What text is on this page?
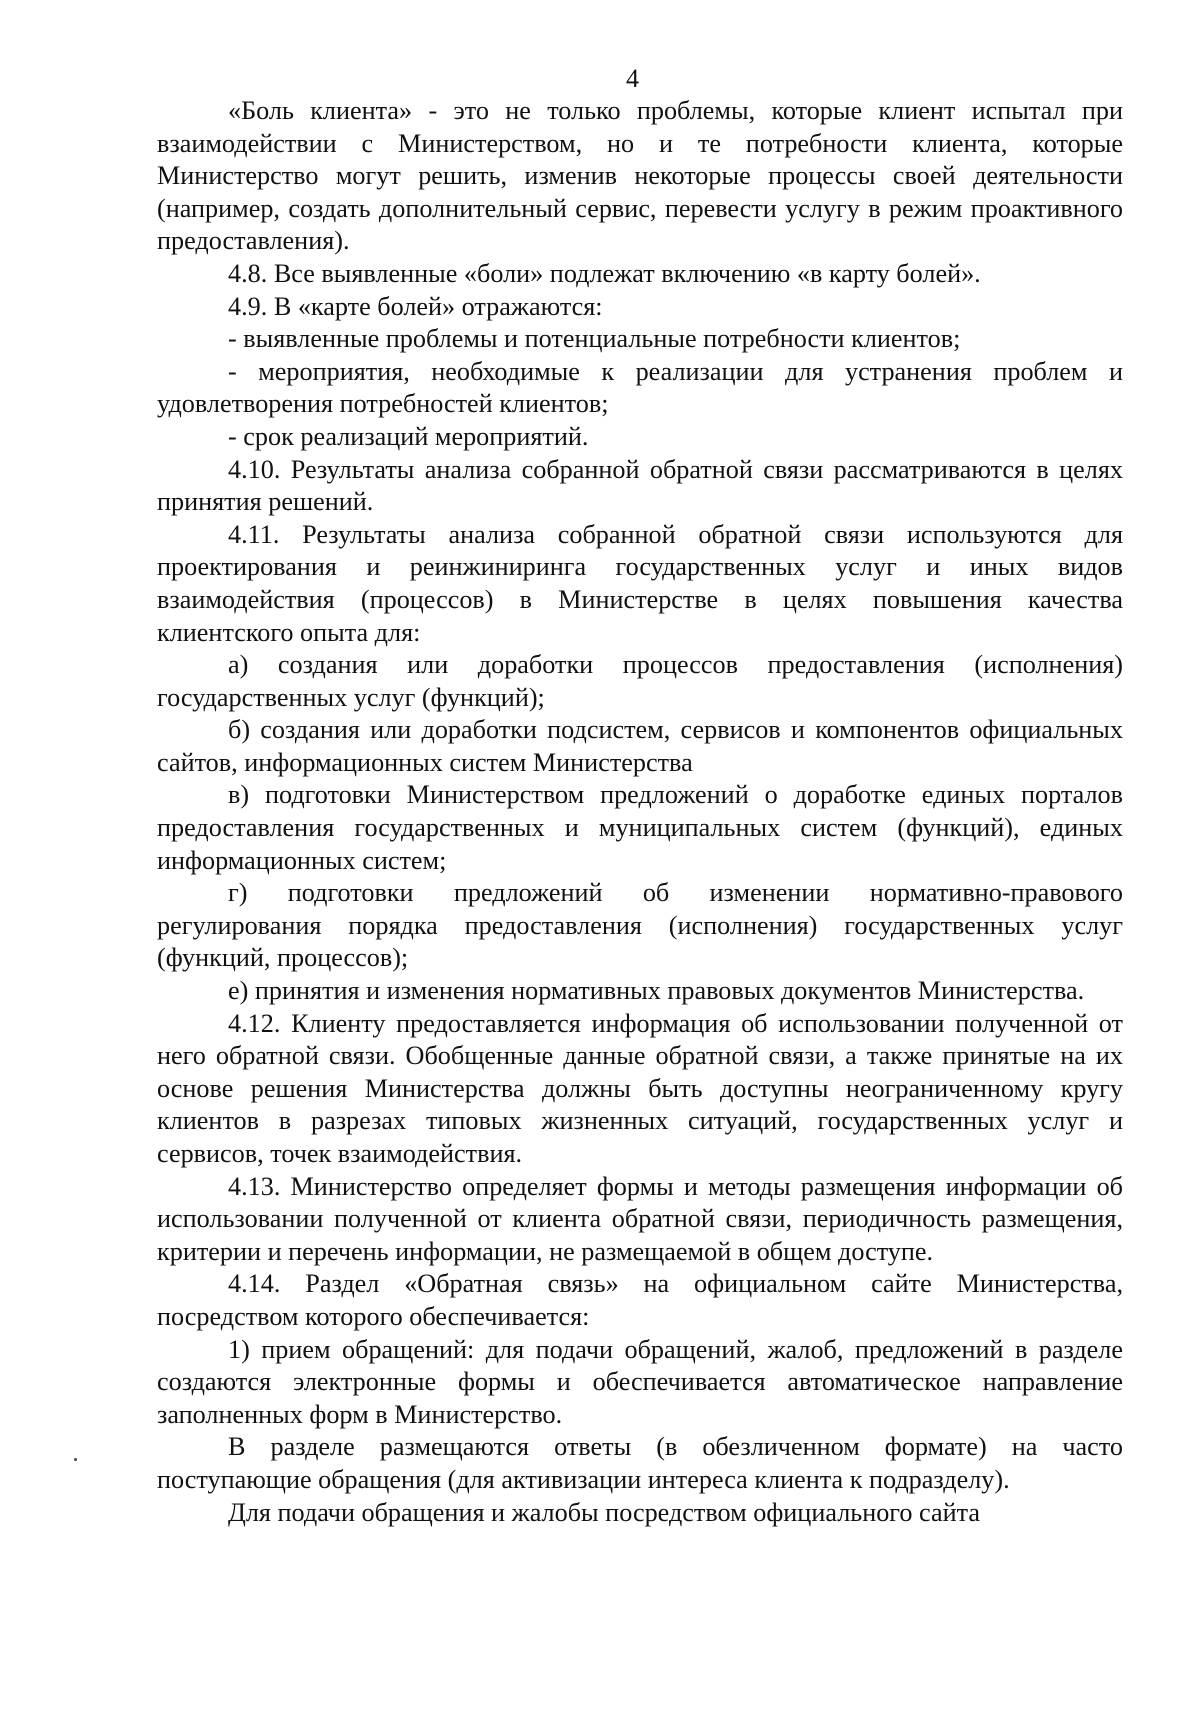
4

«Боль клиента» - это не только проблемы, которые клиент испытал при взаимодействии с Министерством, но и те потребности клиента, которые Министерство могут решить, изменив некоторые процессы своей деятельности (например, создать дополнительный сервис, перевести услугу в режим проактивного предоставления).

4.8. Все выявленные «боли» подлежат включению «в карту болей».

4.9. В «карте болей» отражаются:

- выявленные проблемы и потенциальные потребности клиентов;

- мероприятия, необходимые к реализации для устранения проблем и удовлетворения потребностей клиентов;

- срок реализаций мероприятий.

4.10. Результаты анализа собранной обратной связи рассматриваются в целях принятия решений.

4.11. Результаты анализа собранной обратной связи используются для проектирования и реинжиниринга государственных услуг и иных видов взаимодействия (процессов) в Министерстве в целях повышения качества клиентского опыта для:

а) создания или доработки процессов предоставления (исполнения) государственных услуг (функций);

б) создания или доработки подсистем, сервисов и компонентов официальных сайтов, информационных систем Министерства

в) подготовки Министерством предложений о доработке единых порталов предоставления государственных и муниципальных систем (функций), единых информационных систем;

г) подготовки предложений об изменении нормативно-правового регулирования порядка предоставления (исполнения) государственных услуг (функций, процессов);

е) принятия и изменения нормативных правовых документов Министерства.

4.12. Клиенту предоставляется информация об использовании полученной от него обратной связи. Обобщенные данные обратной связи, а также принятые на их основе решения Министерства должны быть доступны неограниченному кругу клиентов в разрезах типовых жизненных ситуаций, государственных услуг и сервисов, точек взаимодействия.

4.13. Министерство определяет формы и методы размещения информации об использовании полученной от клиента обратной связи, периодичность размещения, критерии и перечень информации, не размещаемой в общем доступе.

4.14. Раздел «Обратная связь» на официальном сайте Министерства, посредством которого обеспечивается:

1) прием обращений: для подачи обращений, жалоб, предложений в разделе создаются электронные формы и обеспечивается автоматическое направление заполненных форм в Министерство.

В разделе размещаются ответы (в обезличенном формате) на часто поступающие обращения (для активизации интереса клиента к подразделу).

Для подачи обращения и жалобы посредством официального сайта
